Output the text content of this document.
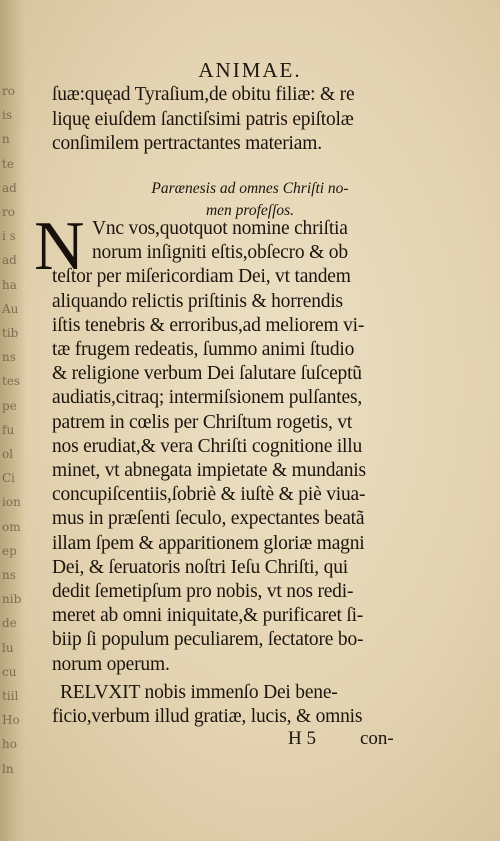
ro
is
n
te
ad
ro
i s
ad
ha
Au
tib
ns
tes
pe
fu
ol
Ci
ion
om
ep
ns
nib
de
lu
cu
tiil
Ho
ho
ln
ANIMAE.
ſuæ:quęad Tyraſium,de obitu filiæ: & re
liquę eiuſdem ſanctiſsimi patris epiſtolæ
conſimilem pertractantes materiam.
Parænesis ad omnes Chriſti no-
men profeſſos.
N Vnc vos,quotquot nomine chriſtia
norum inſigniti eſtis,obſecro & ob
teſtor per miſericordiam Dei, vt tandem
aliquando relictis priſtinis & horrendis
iſtis tenebris & erroribus,ad meliorem vi-
tæ frugem redeatis, ſummo animi ſtudio
& religione verbum Dei ſalutare ſuſceptũ
audiatis,citraq; intermiſsionem pulſantes,
patrem in cœlis per Chriſtum rogetis, vt
nos erudiat,& vera Chriſti cognitione illu
minet, vt abnegata impietate & mundanis
concupiſcentiis,ſobriè & iuſtè & piè viua-
mus in præſenti ſeculo, expectantes beatã
illam ſpem & apparitionem gloriæ magni
Dei, & ſeruatoris noſtri Ieſu Chriſti, qui
dedit ſemetipſum pro nobis, vt nos redi-
meret ab omni iniquitate,& purificaret ſi-
biip ſi populum peculiarem, ſectatore bo-
norum operum.
RELVXIT nobis immenſo Dei bene-
ficio,verbum illud gratiæ, lucis, & omnis
H 5 con-
